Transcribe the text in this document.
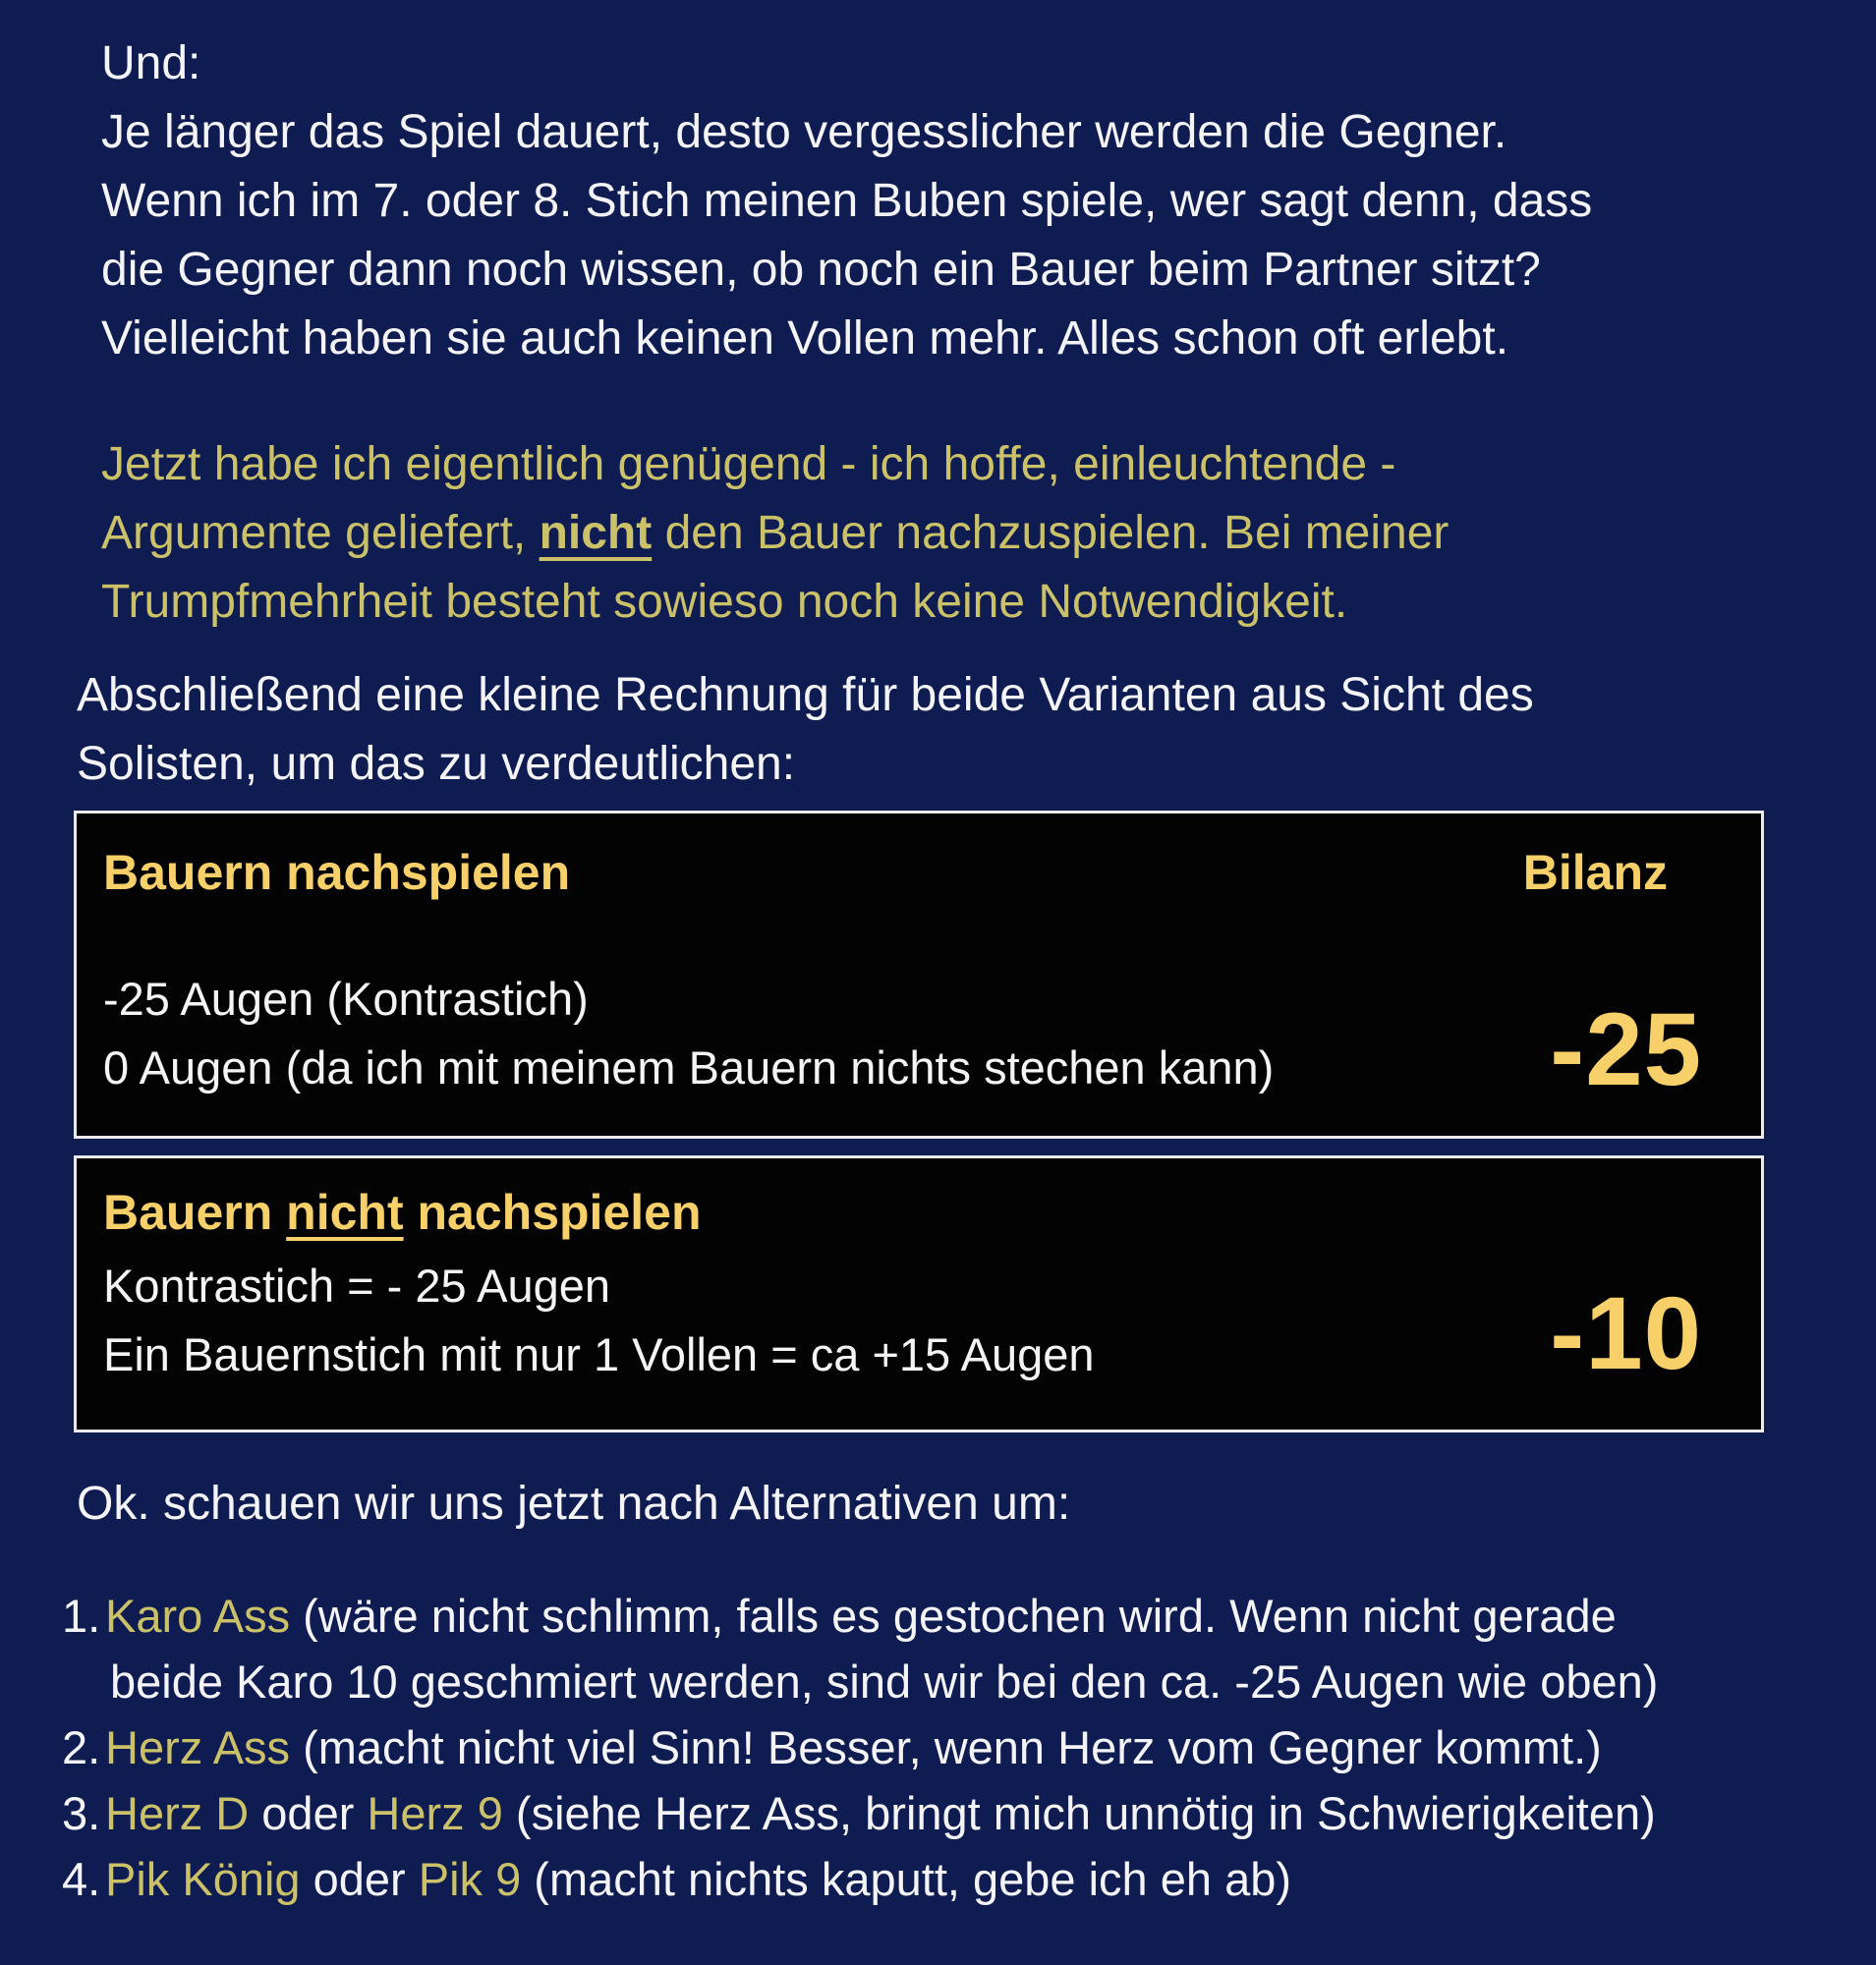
Und:
Je länger das Spiel dauert, desto vergesslicher werden die Gegner.
Wenn ich im 7. oder 8. Stich meinen Buben spiele, wer sagt denn, dass
die Gegner dann noch wissen, ob noch ein Bauer beim Partner sitzt?
Vielleicht haben sie auch keinen Vollen mehr. Alles schon oft erlebt.
Jetzt habe ich eigentlich genügend - ich hoffe, einleuchtende -
Argumente geliefert, nicht den Bauer nachzuspielen. Bei meiner
Trumpfmehrheit besteht sowieso noch keine Notwendigkeit.
Abschließend eine kleine Rechnung für beide Varianten aus Sicht des
Solisten, um das zu verdeutlichen:
Bauern nachspielen	Bilanz
-25 Augen (Kontrastich)
0 Augen (da ich mit meinem Bauern nichts stechen kann)	-25
Bauern nicht nachspielen
Kontrastich = - 25 Augen
Ein Bauernstich mit nur 1 Vollen = ca +15 Augen	-10
Ok. schauen wir uns jetzt nach Alternativen um:
1. Karo Ass (wäre nicht schlimm, falls es gestochen wird. Wenn nicht gerade
beide Karo 10 geschmiert werden, sind wir bei den ca. -25 Augen wie oben)
2. Herz Ass (macht nicht viel Sinn! Besser, wenn Herz vom Gegner kommt.)
3. Herz D oder Herz 9 (siehe Herz Ass, bringt mich unnötig in Schwierigkeiten)
4. Pik König oder Pik 9 (macht nichts kaputt, gebe ich eh ab)
